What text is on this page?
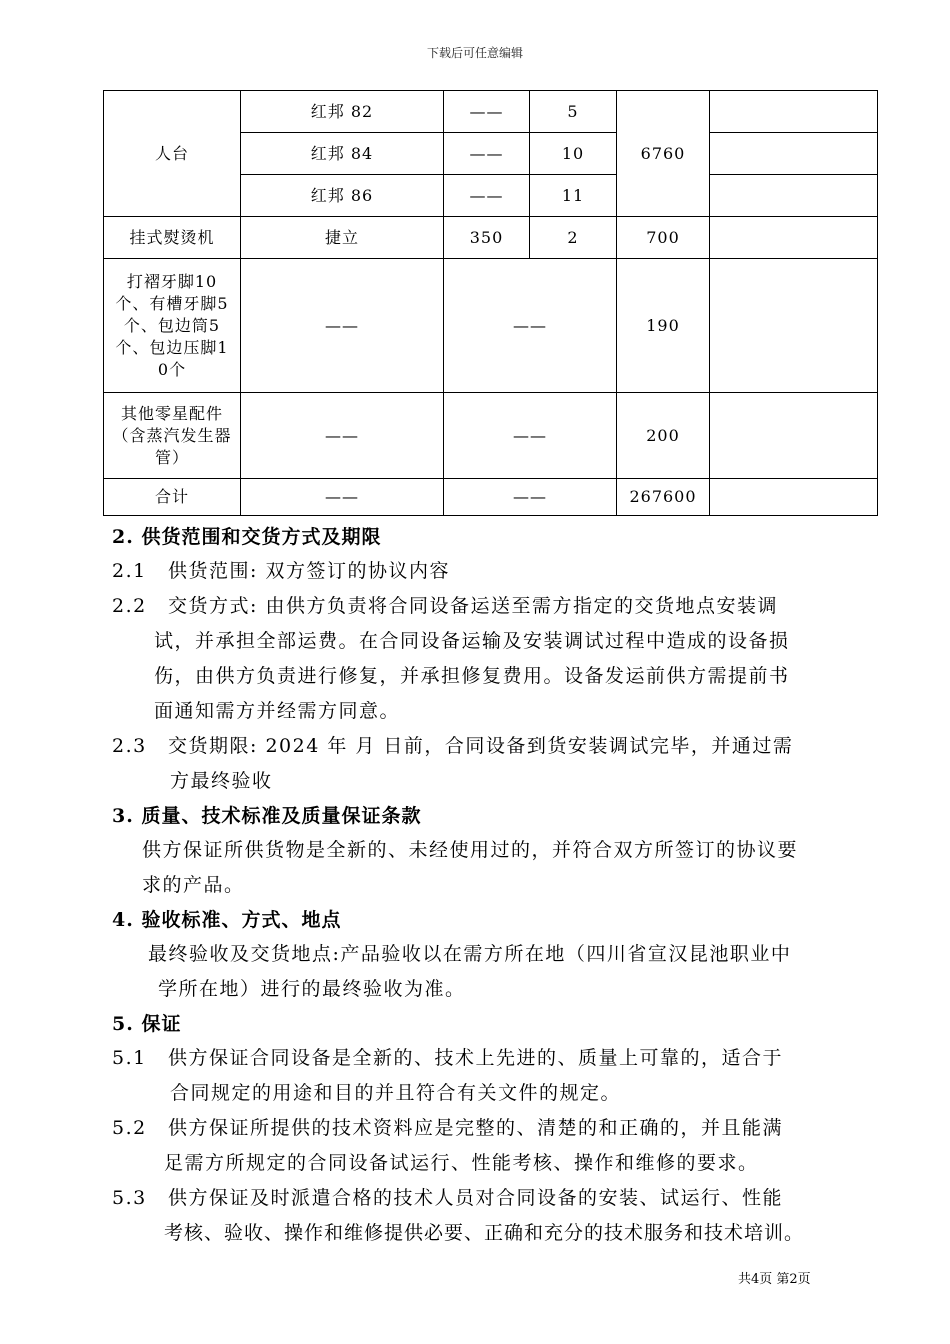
下载后可任意编辑
人台	红邦 82	——	5	6760	
	红邦 84	——	10		
	红邦 86	——	11		
挂式熨烫机	捷立	350	2	700	

打褶牙脚10个、有槽牙脚5个、包边筒5个、包边压脚10个	——	——		190	

其他零星配件（含蒸汽发生器管）	——	——		200	
合计	——	——		267600	

2. 供货范围和交货方式及期限

2.1 供货范围: 双方签订的协议内容

2.2 交货方式: 由供方负责将合同设备运送至需方指定的交货地点安装调

试，并承担全部运费。在合同设备运输及安装调试过程中造成的设备损

伤，由供方负责进行修复，并承担修复费用。设备发运前供方需提前书

面通知需方并经需方同意。

2.3 交货期限: 2024 年 月 日前，合同设备到货安装调试完毕，并通过需

方最终验收

3. 质量、技术标准及质量保证条款

供方保证所供货物是全新的、未经使用过的，并符合双方所签订的协议要

求的产品。

4. 验收标准、方式、地点

最终验收及交货地点:产品验收以在需方所在地（四川省宣汉昆池职业中

学所在地）进行的最终验收为准。

5. 保证

5.1 供方保证合同设备是全新的、技术上先进的、质量上可靠的，适合于

合同规定的用途和目的并且符合有关文件的规定。

5.2 供方保证所提供的技术资料应是完整的、清楚的和正确的，并且能满

足需方所规定的合同设备试运行、性能考核、操作和维修的要求。

5.3 供方保证及时派遣合格的技术人员对合同设备的安装、试运行、性能

考核、验收、操作和维修提供必要、正确和充分的技术服务和技术培训。

共4页 第2页
